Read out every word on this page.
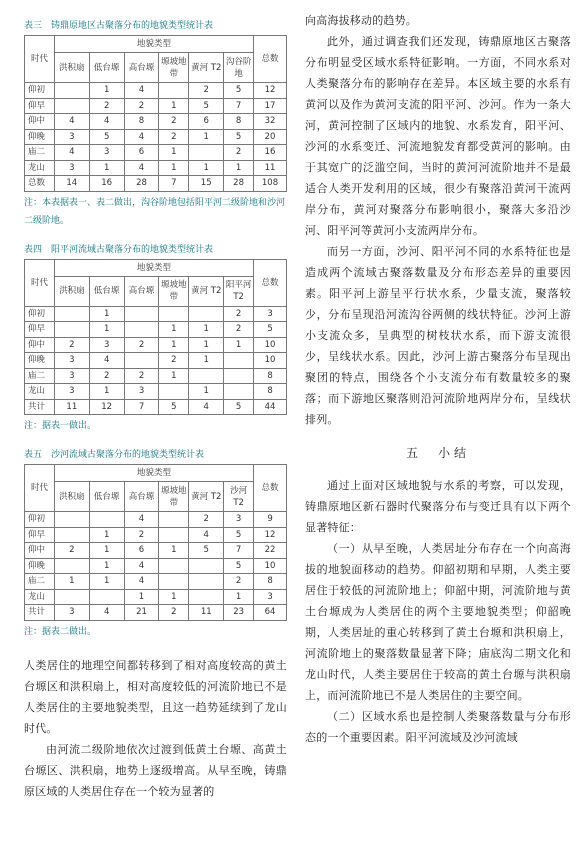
表三　铸鼎原地区古聚落分布的地貌类型统计表
时代	地貌类型						总数
	洪积扇	低台塬	高台塬	塬坡地带	黄河 T2	沟谷阶地	
仰初		1	4		2	5	12
仰早		2	2	1	5	7	17
仰中	4	4	8	2	6	8	32
仰晚	3	5	4	2	1	5	20
庙二	4	3	6	1		2	16
龙山	3	1	4	1	1	1	11
总数	14	16	28	7	15	28	108
注：本表据表一、表二做出，沟谷阶地包括阳平河二级阶地和沙河二级阶地。
表四　阳平河流域古聚落分布的地貌类型统计表
时代	地貌类型						总数
	洪积扇	低台塬	高台塬	塬坡地带	黄河 T2	阳平河 T2	
仰初		1				2	3
仰早		1		1	1	2	5
仰中	2	3	2	1	1	1	10
仰晚	3	4		2	1		10
庙二	3	2	2	1			8
龙山	3	1	3		1		8
共计	11	12	7	5	4	5	44
注：据表一做出。
表五　沙河流域古聚落分布的地貌类型统计表
时代	地貌类型						总数
	洪积扇	低台塬	高台塬	塬坡地带	黄河 T2	沙河 T2	
仰初			4		2	3	9
仰早		1	2		4	5	12
仰中	2	1	6	1	5	7	22
仰晚		1	4			5	10
庙二	1	1	4			2	8
龙山			1	1		1	3
共计	3	4	21	2	11	23	64
注：据表二做出。

人类居住的地理空间都转移到了相对高度较高的黄土台塬区和洪积扇上，相对高度较低的河流阶地已不是人类居住的主要地貌类型，且这一趋势延续到了龙山时代。

由河流二级阶地依次过渡到低黄土台塬、高黄土台塬区、洪积扇，地势上逐级增高。从早至晚，铸鼎原区域的人类居住存在一个较为显著的

向高海拔移动的趋势。

此外，通过调查我们还发现，铸鼎原地区古聚落分布明显受区域水系特征影响。一方面，不同水系对人类聚落分布的影响存在差异。本区域主要的水系有黄河以及作为黄河支流的阳平河、沙河。作为一条大河，黄河控制了区域内的地貌、水系发育，阳平河、沙河的水系变迁、河流地貌发育都受黄河的影响。由于其宽广的泛滥空间，当时的黄河河流阶地并不是最适合人类开发利用的区域，很少有聚落沿黄河干流两岸分布，黄河对聚落分布影响很小，聚落大多沿沙河、阳平河等黄河小支流两岸分布。

而另一方面，沙河、阳平河不同的水系特征也是造成两个流域古聚落数量及分布形态差异的重要因素。阳平河上游呈平行状水系，少量支流，聚落较少，分布呈现沿河流沟谷两侧的线状特征。沙河上游小支流众多，呈典型的树枝状水系，而下游支流很少，呈线状水系。因此，沙河上游古聚落分布呈现出聚团的特点，围绕各个小支流分布有数量较多的聚落；而下游地区聚落则沿河流阶地两岸分布，呈线状排列。

五　小结

通过上面对区域地貌与水系的考察，可以发现，铸鼎原地区新石器时代聚落分布与变迁具有以下两个显著特征：

（一）从早至晚，人类居址分布存在一个向高海拔的地貌面移动的趋势。仰韶初期和早期，人类主要居住于较低的河流阶地上；仰韶中期，河流阶地与黄土台塬成为人类居住的两个主要地貌类型；仰韶晚期，人类居址的重心转移到了黄土台塬和洪积扇上，河流阶地上的聚落数量显著下降；庙底沟二期文化和龙山时代，人类主要居住于较高的黄土台塬与洪积扇上，而河流阶地已不是人类居住的主要空间。

（二）区域水系也是控制人类聚落数量与分布形态的一个重要因素。阳平河流域及沙河流域
